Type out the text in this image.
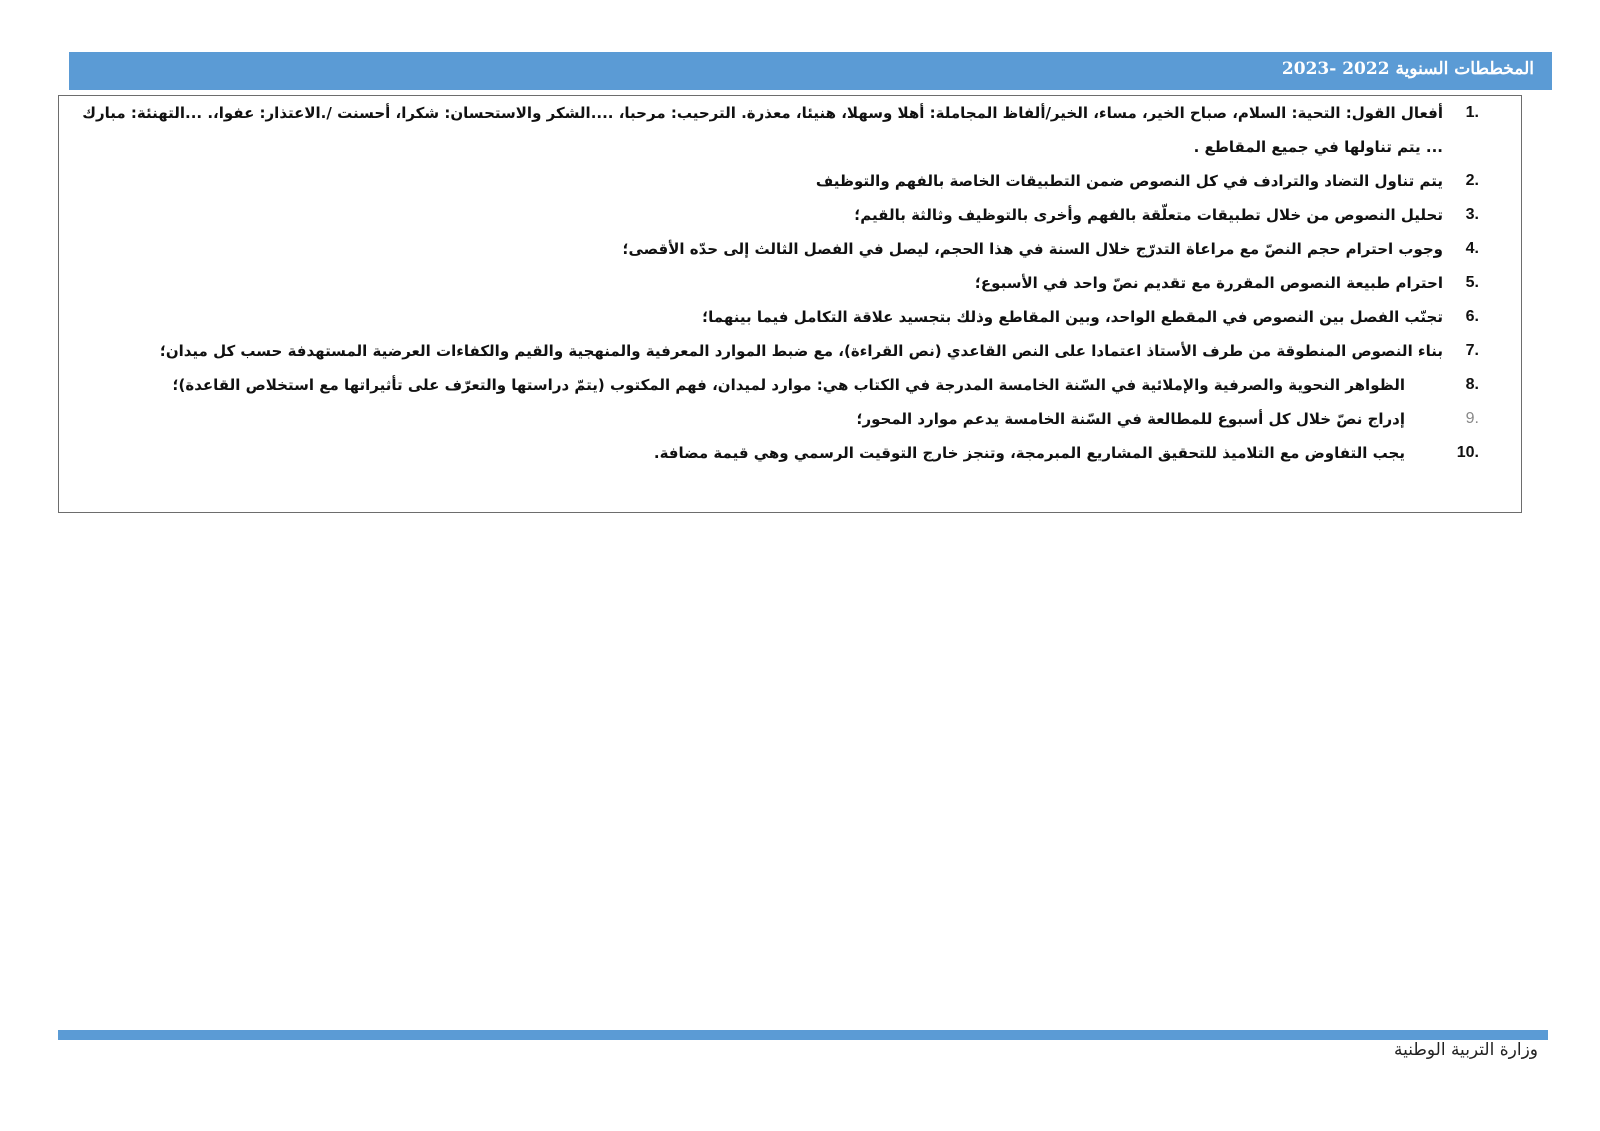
المخططات السنوية 2022 -2023
1.
أفعال القول: التحية: السلام، صباح الخير، مساء، الخير/ألفاظ المجاملة: أهلا وسهلا، هنيئا، معذرة. الترحيب: مرحبا، ....الشكر والاستحسان: شكرا، أحسنت /.الاعتذار: عفوا،. ...التهنئة: مبارك
... يتم تناولها في جميع المقاطع .
2.
يتم تناول التضاد والترادف في كل النصوص ضمن التطبيقات الخاصة بالفهم والتوظيف
3.
تحليل النصوص من خلال تطبيقات متعلّقة بالفهم وأخرى بالتوظيف وثالثة بالقيم؛
4.
وجوب احترام حجم النصّ مع مراعاة التدرّج خلال السنة في هذا الحجم، ليصل في الفصل الثالث إلى حدّه الأقصى؛
5.
احترام طبيعة النصوص المقررة مع تقديم نصّ واحد في الأسبوع؛
6.
تجنّب الفصل بين النصوص في المقطع الواحد، وبين المقاطع وذلك بتجسيد علاقة التكامل فيما بينهما؛
7.
بناء النصوص المنطوقة من طرف الأستاذ اعتمادا على النص القاعدي (نص القراءة)، مع ضبط الموارد المعرفية والمنهجية والقيم والكفاءات العرضية المستهدفة حسب كل ميدان؛
8.
الظواهر النحوية والصرفية والإملائية في السّنة الخامسة المدرجة في الكتاب هي: موارد لميدان، فهم المكتوب (يتمّ دراستها والتعرّف على تأثيراتها مع استخلاص القاعدة)؛
9.
إدراج نصّ خلال كل أسبوع للمطالعة في السّنة الخامسة يدعم موارد المحور؛
10.
يجب التفاوض مع التلاميذ للتحقيق المشاريع المبرمجة، وتنجز خارج التوقيت الرسمي وهي قيمة مضافة.
وزارة التربية الوطنية
